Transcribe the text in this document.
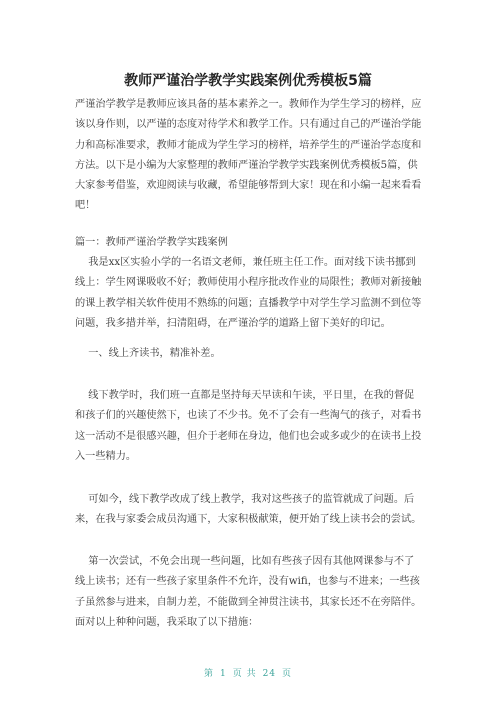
教师严谨治学教学实践案例优秀模板5篇
严谨治学教学是教师应该具备的基本素养之一。教师作为学生学习的榜样，应该以身作则，以严谨的态度对待学术和教学工作。只有通过自己的严谨治学能力和高标准要求，教师才能成为学生学习的榜样，培养学生的严谨治学态度和方法。以下是小编为大家整理的教师严谨治学教学实践案例优秀模板5篇，供大家参考借鉴，欢迎阅读与收藏，希望能够帮到大家！现在和小编一起来看看吧！
篇一：教师严谨治学教学实践案例
我是xx区实验小学的一名语文老师，兼任班主任工作。面对线下读书挪到线上：学生网课吸收不好；教师使用小程序批改作业的局限性；教师对新接触的课上教学相关软件使用不熟练的问题；直播教学中对学生学习监测不到位等问题，我多措并举，扫清阻碍，在严谨治学的道路上留下美好的印记。
一、线上齐读书，精准补差。
线下教学时，我们班一直都是坚持每天早读和午读，平日里，在我的督促和孩子们的兴趣使然下，也读了不少书。免不了会有一些淘气的孩子，对看书这一活动不是很感兴趣，但介于老师在身边，他们也会或多或少的在读书上投入一些精力。
可如今，线下教学改成了线上教学，我对这些孩子的监管就成了问题。后来，在我与家委会成员沟通下，大家积极献策，便开始了线上读书会的尝试。
第一次尝试，不免会出现一些问题，比如有些孩子因有其他网课参与不了线上读书；还有一些孩子家里条件不允许，没有wifi，也参与不进来；一些孩子虽然参与进来，自制力差，不能做到全神贯注读书，其家长还不在旁陪伴。面对以上种种问题，我采取了以下措施：
第 1 页 共 24 页
